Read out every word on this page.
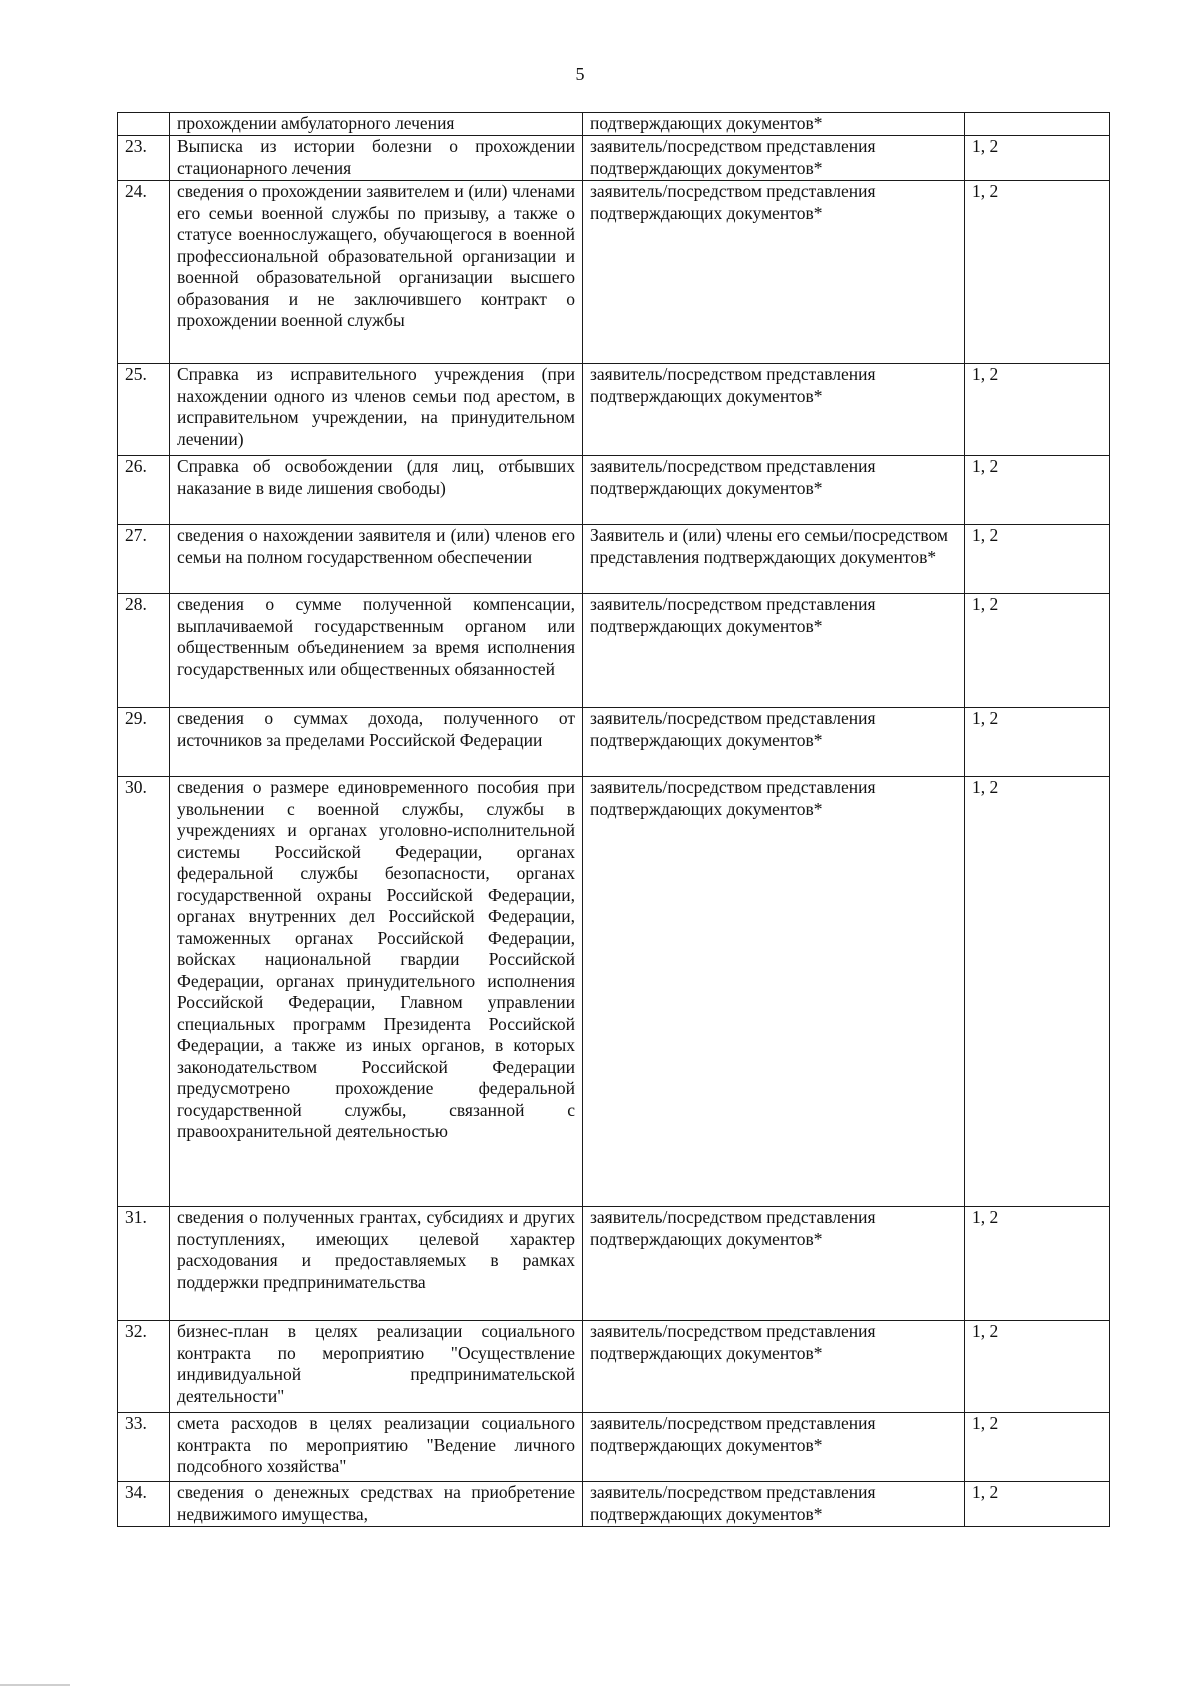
5
	прохождении амбулаторного лечения	подтверждающих документов*	
23.	Выписка из истории болезни о прохождении стационарного лечения	заявитель/посредством представления подтверждающих документов*	1, 2
24.	сведения о прохождении заявителем и (или) членами его семьи военной службы по призыву, а также о статусе военнослужащего, обучающегося в военной профессиональной образовательной организации и военной образовательной организации высшего образования и не заключившего контракт о прохождении военной службы	заявитель/посредством представления подтверждающих документов*	1, 2
25.	Справка из исправительного учреждения (при нахождении одного из членов семьи под арестом, в исправительном учреждении, на принудительном лечении)	заявитель/посредством представления подтверждающих документов*	1, 2
26.	Справка об освобождении (для лиц, отбывших наказание в виде лишения свободы)	заявитель/посредством представления подтверждающих документов*	1, 2
27.	сведения о нахождении заявителя и (или) членов его семьи на полном государственном обеспечении	Заявитель и (или) члены его семьи/посредством представления подтверждающих документов*	1, 2
28.	сведения о сумме полученной компенсации, выплачиваемой государственным органом или общественным объединением за время исполнения государственных или общественных обязанностей	заявитель/посредством представления подтверждающих документов*	1, 2
29.	сведения о суммах дохода, полученного от источников за пределами Российской Федерации	заявитель/посредством представления подтверждающих документов*	1, 2
30.	сведения о размере единовременного пособия при увольнении с военной службы, службы в учреждениях и органах уголовно-исполнительной системы Российской Федерации, органах федеральной службы безопасности, органах государственной охраны Российской Федерации, органах внутренних дел Российской Федерации, таможенных органах Российской Федерации, войсках национальной гвардии Российской Федерации, органах принудительного исполнения Российской Федерации, Главном управлении специальных программ Президента Российской Федерации, а также из иных органов, в которых законодательством Российской Федерации предусмотрено прохождение федеральной государственной службы, связанной с правоохранительной деятельностью	заявитель/посредством представления подтверждающих документов*	1, 2
31.	сведения о полученных грантах, субсидиях и других поступлениях, имеющих целевой характер расходования и предоставляемых в рамках поддержки предпринимательства	заявитель/посредством представления подтверждающих документов*	1, 2
32.	бизнес-план в целях реализации социального контракта по мероприятию "Осуществление индивидуальной предпринимательской деятельности"	заявитель/посредством представления подтверждающих документов*	1, 2
33.	смета расходов в целях реализации социального контракта по мероприятию "Ведение личного подсобного хозяйства"	заявитель/посредством представления подтверждающих документов*	1, 2
34.	сведения о денежных средствах на приобретение недвижимого имущества,	заявитель/посредством представления подтверждающих документов*	1, 2
